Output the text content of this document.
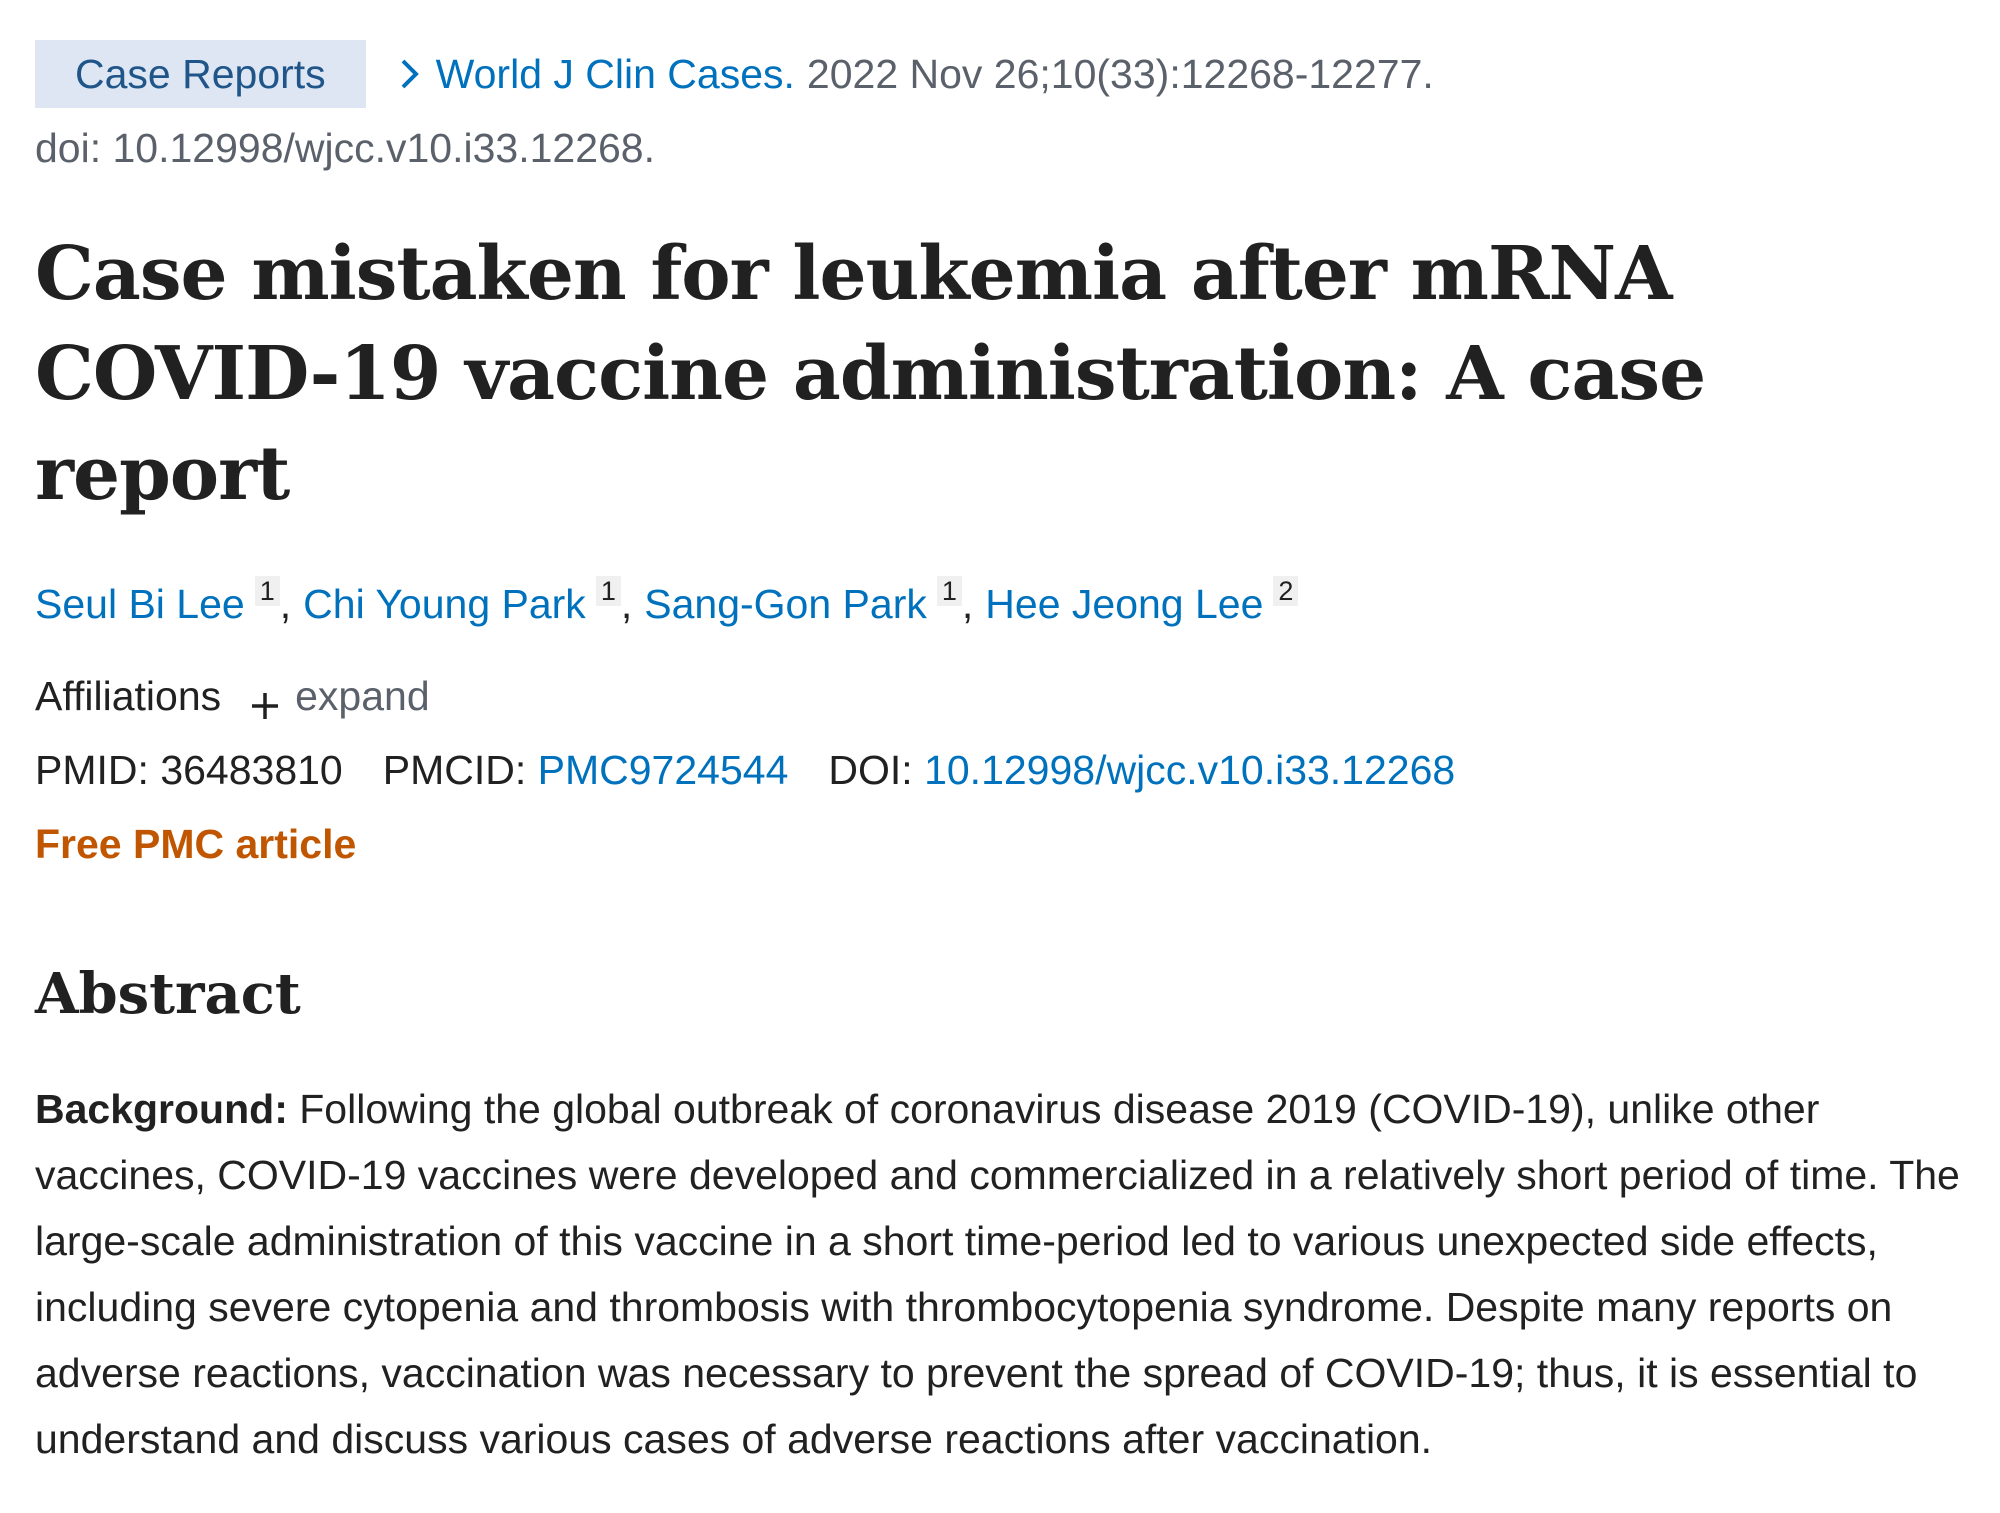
Case Reports	World J Clin Cases. 2022 Nov 26;10(33):12268-12277.
doi: 10.12998/wjcc.v10.i33.12268.
Case mistaken for leukemia after mRNA COVID-19 vaccine administration: A case report
Seul Bi Lee 1 , Chi Young Park 1 , Sang-Gon Park 1 , Hee Jeong Lee 2
Affiliations expand
PMID: 36483810 PMCID: PMC9724544 DOI: 10.12998/wjcc.v10.i33.12268
Free PMC article
Abstract

Background: Following the global outbreak of coronavirus disease 2019 (COVID-19), unlike other vaccines, COVID-19 vaccines were developed and commercialized in a relatively short period of time. The large-scale administration of this vaccine in a short time-period led to various unexpected side effects, including severe cytopenia and thrombosis with thrombocytopenia syndrome. Despite many reports on adverse reactions, vaccination was necessary to prevent the spread of COVID-19; thus, it is essential to understand and discuss various cases of adverse reactions after vaccination.
